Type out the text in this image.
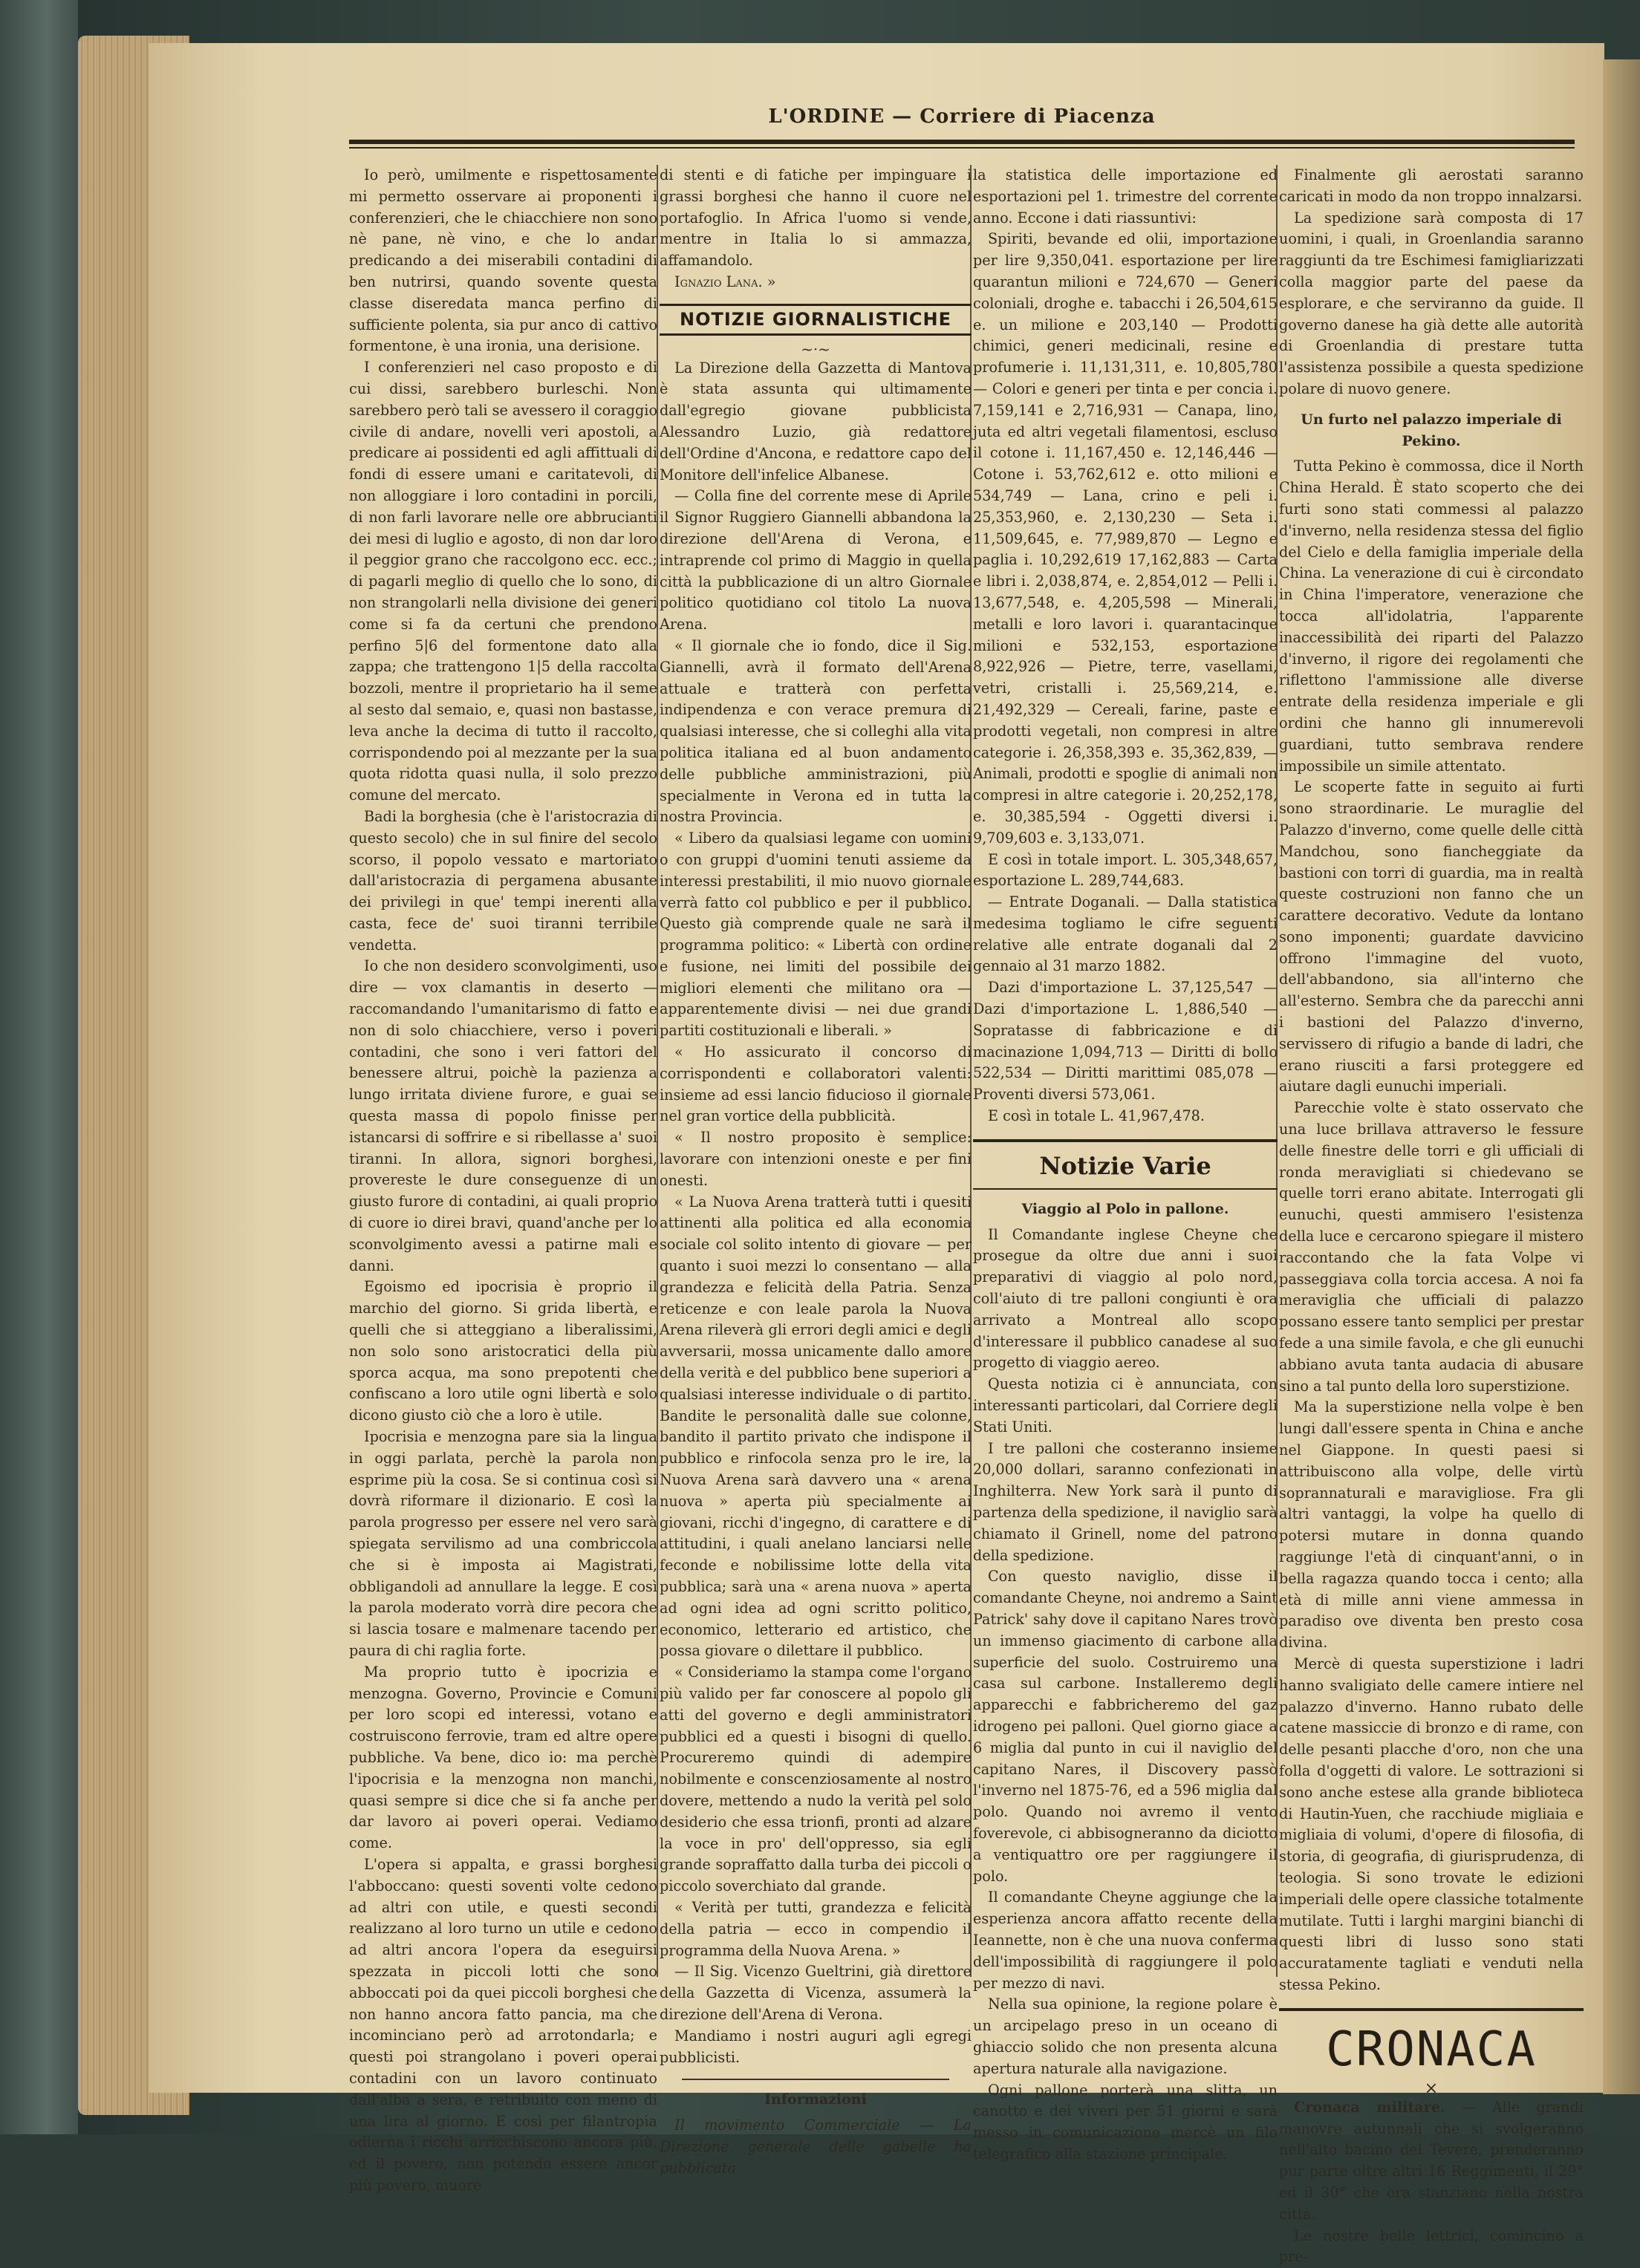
L'ORDINE — Corriere di Piacenza

Io però, umilmente e rispettosamente mi permetto osservare ai proponenti i conferenzieri, che le chiacchiere non sono nè pane, nè vino, e che lo andar predicando a dei miserabili contadini di ben nutrirsi, quando sovente questa classe diseredata manca perfino di sufficiente polenta, sia pur anco di cattivo formentone, è una ironia, una derisione.

I conferenzieri nel caso proposto e di cui dissi, sarebbero burleschi. Non sarebbero però tali se avessero il coraggio civile di andare, novelli veri apostoli, a predicare ai possidenti ed agli affittuali di fondi di essere umani e caritatevoli, di non alloggiare i loro contadini in porcili, di non farli lavorare nelle ore abbrucianti dei mesi di luglio e agosto, di non dar loro il peggior grano che raccolgono ecc. ecc.; di pagarli meglio di quello che lo sono, di non strangolarli nella divisione dei generi come si fa da certuni che prendono perfino 5|6 del formentone dato alla zappa; che trattengono 1|5 della raccolta bozzoli, mentre il proprietario ha il seme al sesto dal semaio, e, quasi non bastasse, leva anche la decima di tutto il raccolto, corrispondendo poi al mezzante per la sua quota ridotta quasi nulla, il solo prezzo comune del mercato.

Badi la borghesia (che è l'aristocrazia di questo secolo) che in sul finire del secolo scorso, il popolo vessato e martoriato dall'aristocrazia di pergamena abusante dei privilegi in que' tempi inerenti alla casta, fece de' suoi tiranni terribile vendetta.

Io che non desidero sconvolgimenti, uso dire — vox clamantis in deserto — raccomandando l'umanitarismo di fatto e non di solo chiacchiere, verso i poveri contadini, che sono i veri fattori del benessere altrui, poichè la pazienza a lungo irritata diviene furore, e guai se questa massa di popolo finisse per istancarsi di soffrire e si ribellasse a' suoi tiranni. In allora, signori borghesi, provereste le dure conseguenze di un giusto furore di contadini, ai quali proprio di cuore io direi bravi, quand'anche per lo sconvolgimento avessi a patirne mali e danni.

Egoismo ed ipocrisia è proprio il marchio del giorno. Si grida libertà, e quelli che si atteggiano a liberalissimi, non solo sono aristocratici della più sporca acqua, ma sono prepotenti che confiscano a loro utile ogni libertà e solo dicono giusto ciò che a loro è utile.

Ipocrisia e menzogna pare sia la lingua in oggi parlata, perchè la parola non esprime più la cosa. Se si continua così si dovrà riformare il dizionario. E così la parola progresso per essere nel vero sarà spiegata servilismo ad una combriccola che si è imposta ai Magistrati, obbligandoli ad annullare la legge. E così la parola moderato vorrà dire pecora che si lascia tosare e malmenare tacendo per paura di chi raglia forte.

Ma proprio tutto è ipocrizia e menzogna. Governo, Provincie e Comuni per loro scopi ed interessi, votano e costruiscono ferrovie, tram ed altre opere pubbliche. Va bene, dico io: ma perchè l'ipocrisia e la menzogna non manchi, quasi sempre si dice che si fa anche per dar lavoro ai poveri operai. Vediamo come.

L'opera si appalta, e grassi borghesi l'abboccano: questi soventi volte cedono ad altri con utile, e questi secondi realizzano al loro turno un utile e cedono ad altri ancora l'opera da eseguirsi spezzata in piccoli lotti che sono abboccati poi da quei piccoli borghesi che non hanno ancora fatto pancia, ma che incominciano però ad arrotondarla; e questi poi strangolano i poveri operai contadini con un lavoro continuato dall'alba a sera, e retribuito con meno di una lira al giorno. E così per filantropia odierna i ricchi arricchiscono ancora più, ed il povero, non potendo essere ancor più povero, muore

di stenti e di fatiche per impinguare i grassi borghesi che hanno il cuore nel portafoglio. In Africa l'uomo si vende, mentre in Italia lo si ammazza, affamandolo.

Ignazio Lana. »

NOTIZIE GIORNALISTICHE
~·~

La Direzione della Gazzetta di Mantova è stata assunta qui ultimamente dall'egregio giovane pubblicista Alessandro Luzio, già redattore dell'Ordine d'Ancona, e redattore capo del Monitore dell'infelice Albanese.

— Colla fine del corrente mese di Aprile il Signor Ruggiero Giannelli abbandona la direzione dell'Arena di Verona, e intraprende col primo di Maggio in quella città la pubblicazione di un altro Giornale politico quotidiano col titolo La nuova Arena.

« Il giornale che io fondo, dice il Sig. Giannelli, avrà il formato dell'Arena attuale e tratterà con perfetta indipendenza e con verace premura di qualsiasi interesse, che si colleghi alla vita politica italiana ed al buon andamento delle pubbliche amministrazioni, più specialmente in Verona ed in tutta la nostra Provincia.

« Libero da qualsiasi legame con uomini o con gruppi d'uomini tenuti assieme da interessi prestabiliti, il mio nuovo giornale verrà fatto col pubblico e per il pubblico. Questo già comprende quale ne sarà il programma politico: « Libertà con ordine e fusione, nei limiti del possibile dei migliori elementi che militano ora — apparentemente divisi — nei due grandi partiti costituzionali e liberali. »

« Ho assicurato il concorso di corrispondenti e collaboratori valenti: insieme ad essi lancio fiducioso il giornale nel gran vortice della pubblicità.

« Il nostro proposito è semplice: lavorare con intenzioni oneste e per fini onesti.

« La Nuova Arena tratterà tutti i quesiti attinenti alla politica ed alla economia sociale col solito intento di giovare — per quanto i suoi mezzi lo consentano — alla grandezza e felicità della Patria. Senza reticenze e con leale parola la Nuova Arena rileverà gli errori degli amici e degli avversarii, mossa unicamente dallo amore della verità e del pubblico bene superiori a qualsiasi interesse individuale o di partito. Bandite le personalità dalle sue colonne, bandito il partito privato che indispone il pubblico e rinfocola senza pro le ire, la Nuova Arena sarà davvero una « arena nuova » aperta più specialmente ai giovani, ricchi d'ingegno, di carattere e di attitudini, i quali anelano lanciarsi nelle feconde e nobilissime lotte della vita pubblica; sarà una « arena nuova » aperta ad ogni idea ad ogni scritto politico, economico, letterario ed artistico, che possa giovare o dilettare il pubblico.

« Consideriamo la stampa come l'organo più valido per far conoscere al popolo gli atti del governo e degli amministratori pubblici ed a questi i bisogni di quello. Procureremo quindi di adempire nobilmente e conscenziosamente al nostro dovere, mettendo a nudo la verità pel solo desiderio che essa trionfi, pronti ad alzare la voce in pro' dell'oppresso, sia egli grande sopraffatto dalla turba dei piccoli o piccolo soverchiato dal grande.

« Verità per tutti, grandezza e felicità della patria — ecco in compendio il programma della Nuova Arena. »

— Il Sig. Vicenzo Gueltrini, già direttore della Gazzetta di Vicenza, assumerà la direzione dell'Arena di Verona.

Mandiamo i nostri auguri agli egregi pubblicisti.

Informazioni

Il movimento Commerciale — La Direzione generale delle gabelle ha pubblicata

la statistica delle importazione ed esportazioni pel 1. trimestre del corrente anno. Eccone i dati riassuntivi:

Spiriti, bevande ed olii, importazione per lire 9,350,041. esportazione per lire quarantun milioni e 724,670 — Generi coloniali, droghe e. tabacchi i 26,504,615 e. un milione e 203,140 — Prodotti chimici, generi medicinali, resine e profumerie i. 11,131,311, e. 10,805,780 — Colori e generi per tinta e per concia i. 7,159,141 e 2,716,931 — Canapa, lino, juta ed altri vegetali filamentosi, escluso il cotone i. 11,167,450 e. 12,146,446 — Cotone i. 53,762,612 e. otto milioni e 534,749 — Lana, crino e peli i. 25,353,960, e. 2,130,230 — Seta i. 11,509,645, e. 77,989,870 — Legno e paglia i. 10,292,619 17,162,883 — Carta e libri i. 2,038,874, e. 2,854,012 — Pelli i. 13,677,548, e. 4,205,598 — Minerali, metalli e loro lavori i. quarantacinque milioni e 532,153, esportazione 8,922,926 — Pietre, terre, vasellami, vetri, cristalli i. 25,569,214, e. 21,492,329 — Cereali, farine, paste e prodotti vegetali, non compresi in altre categorie i. 26,358,393 e. 35,362,839, — Animali, prodotti e spoglie di animali non compresi in altre categorie i. 20,252,178, e. 30,385,594 - Oggetti diversi i. 9,709,603 e. 3,133,071.

E così in totale import. L. 305,348,657, esportazione L. 289,744,683.

— Entrate Doganali. — Dalla statistica medesima togliamo le cifre seguenti relative alle entrate doganali dal 2 gennaio al 31 marzo 1882.

Dazi d'importazione L. 37,125,547 — Dazi d'importazione L. 1,886,540 — Sopratasse di fabbricazione e di macinazione 1,094,713 — Diritti di bollo 522,534 — Diritti marittimi 085,078 — Proventi diversi 573,061.

E così in totale L. 41,967,478.

Notizie Varie
Viaggio al Polo in pallone.

Il Comandante inglese Cheyne che prosegue da oltre due anni i suoi preparativi di viaggio al polo nord, coll'aiuto di tre palloni congiunti è ora arrivato a Montreal allo scopo d'interessare il pubblico canadese al suo progetto di viaggio aereo.

Questa notizia ci è annunciata, con interessanti particolari, dal Corriere degli Stati Uniti.

I tre palloni che costeranno insieme 20,000 dollari, saranno confezionati in Inghilterra. New York sarà il punto di partenza della spedizione, il naviglio sarà chiamato il Grinell, nome del patrono della spedizione.

Con questo naviglio, disse il comandante Cheyne, noi andremo a Saint Patrick' sahy dove il capitano Nares trovò un immenso giacimento di carbone alla superficie del suolo. Costruiremo una casa sul carbone. Installeremo degli apparecchi e fabbricheremo del gaz idrogeno pei palloni. Quel giorno giace a 6 miglia dal punto in cui il naviglio del capitano Nares, il Discovery passò l'inverno nel 1875-76, ed a 596 miglia dal polo. Quando noi avremo il vento foverevole, ci abbisogneranno da diciotto a ventiquattro ore per raggiungere il polo.

Il comandante Cheyne aggiunge che la esperienza ancora affatto recente della Ieannette, non è che una nuova conferma dell'impossibilità di raggiungere il polo per mezzo di navi.

Nella sua opinione, la regione polare è un arcipelago preso in un oceano di ghiaccio solido che non presenta alcuna apertura naturale alla navigazione.

Ogni pallone porterà una slitta, un canotto e dei viveri per 51 giorni e sarà messo in comunicazione mercè un filo telegrafico alla stazione principale.

Finalmente gli aerostati saranno caricati in modo da non troppo innalzarsi.

La spedizione sarà composta di 17 uomini, i quali, in Groenlandia saranno raggiunti da tre Eschimesi famigliarizzati colla maggior parte del paese da esplorare, e che serviranno da guide. Il governo danese ha già dette alle autorità di Groenlandia di prestare tutta l'assistenza possibile a questa spedizione polare di nuovo genere.

Un furto nel palazzo imperiale di Pekino.

Tutta Pekino è commossa, dice il North China Herald. È stato scoperto che dei furti sono stati commessi al palazzo d'inverno, nella residenza stessa del figlio del Cielo e della famiglia imperiale della China. La venerazione di cui è circondato in China l'imperatore, venerazione che tocca all'idolatria, l'apparente inaccessibilità dei riparti del Palazzo d'inverno, il rigore dei regolamenti che riflettono l'ammissione alle diverse entrate della residenza imperiale e gli ordini che hanno gli innumerevoli guardiani, tutto sembrava rendere impossibile un simile attentato.

Le scoperte fatte in seguito ai furti sono straordinarie. Le muraglie del Palazzo d'inverno, come quelle delle città Mandchou, sono fiancheggiate da bastioni con torri di guardia, ma in realtà queste costruzioni non fanno che un carattere decorativo. Vedute da lontano sono imponenti; guardate davvicino offrono l'immagine del vuoto, dell'abbandono, sia all'interno che all'esterno. Sembra che da parecchi anni i bastioni del Palazzo d'inverno, servissero di rifugio a bande di ladri, che erano riusciti a farsi proteggere ed aiutare dagli eunuchi imperiali.

Parecchie volte è stato osservato che una luce brillava attraverso le fessure delle finestre delle torri e gli ufficiali di ronda meravigliati si chiedevano se quelle torri erano abitate. Interrogati gli eunuchi, questi ammisero l'esistenza della luce e cercarono spiegare il mistero raccontando che la fata Volpe vi passeggiava colla torcia accesa. A noi fa meraviglia che ufficiali di palazzo possano essere tanto semplici per prestar fede a una simile favola, e che gli eunuchi abbiano avuta tanta audacia di abusare sino a tal punto della loro superstizione.

Ma la superstizione nella volpe è ben lungi dall'essere spenta in China e anche nel Giappone. In questi paesi si attribuiscono alla volpe, delle virtù soprannaturali e maravigliose. Fra gli altri vantaggi, la volpe ha quello di potersi mutare in donna quando raggiunge l'età di cinquant'anni, o in bella ragazza quando tocca i cento; alla età di mille anni viene ammessa in paradiso ove diventa ben presto cosa divina.

Mercè di questa superstizione i ladri hanno svaligiato delle camere intiere nel palazzo d'inverno. Hanno rubato delle catene massiccie di bronzo e di rame, con delle pesanti placche d'oro, non che una folla d'oggetti di valore. Le sottrazioni si sono anche estese alla grande biblioteca di Hautin-Yuen, che racchiude migliaia e migliaia di volumi, d'opere di filosofia, di storia, di geografia, di giurisprudenza, di teologia. Si sono trovate le edizioni imperiali delle opere classiche totalmente mutilate. Tutti i larghi margini bianchi di questi libri di lusso sono stati accuratamente tagliati e venduti nella stessa Pekino.

CRONACA
×

Cronaca militare. — Alle grandi manovre autunnali che si svolgeranno nell'alto bacino del Tevere, prenderanno pur parte oltre altri 16 Reggimenti, il 29° ed il 30° che ora stanziano nella nostra città.

Le nostre belle lettrici, comincino a pre-
